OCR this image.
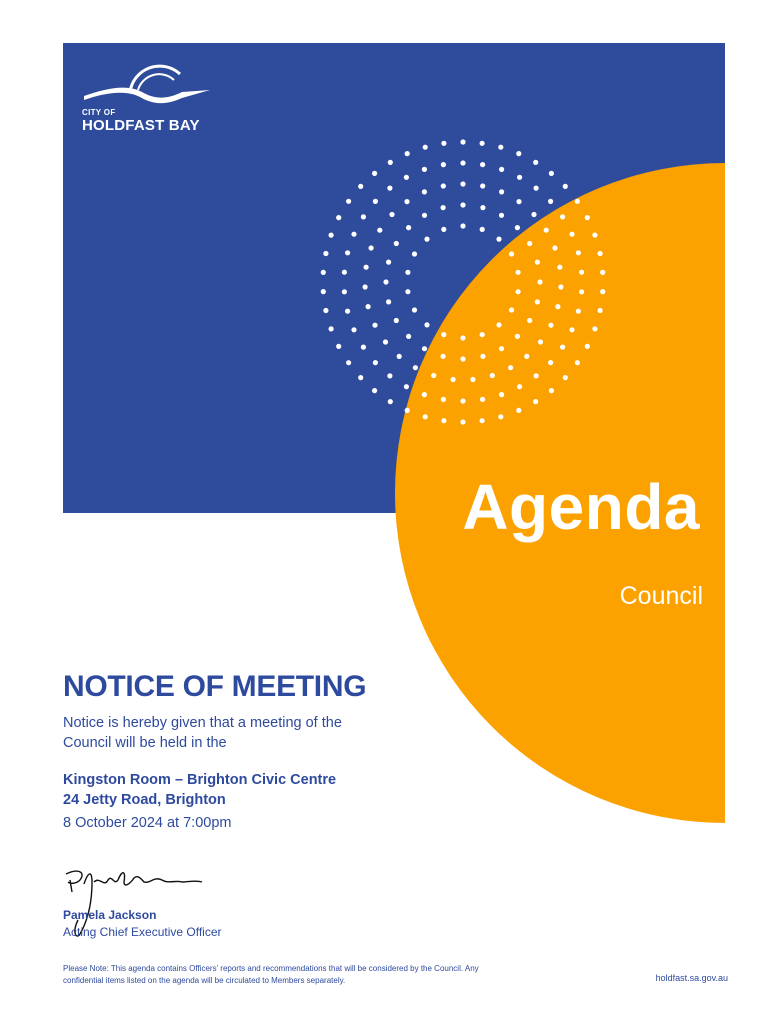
CITY OF
HOLDFAST BAY
Agenda
Council
NOTICE OF MEETING
Notice is hereby given that a meeting of the Council will be held in the
Kingston Room – Brighton Civic Centre
24 Jetty Road, Brighton
8 October 2024 at 7:00pm
Pamela Jackson
Acting Chief Executive Officer
Please Note: This agenda contains Officers’ reports and recommendations that will be considered by the Council. Any confidential items listed on the agenda will be circulated to Members separately.	holdfast.sa.gov.au
